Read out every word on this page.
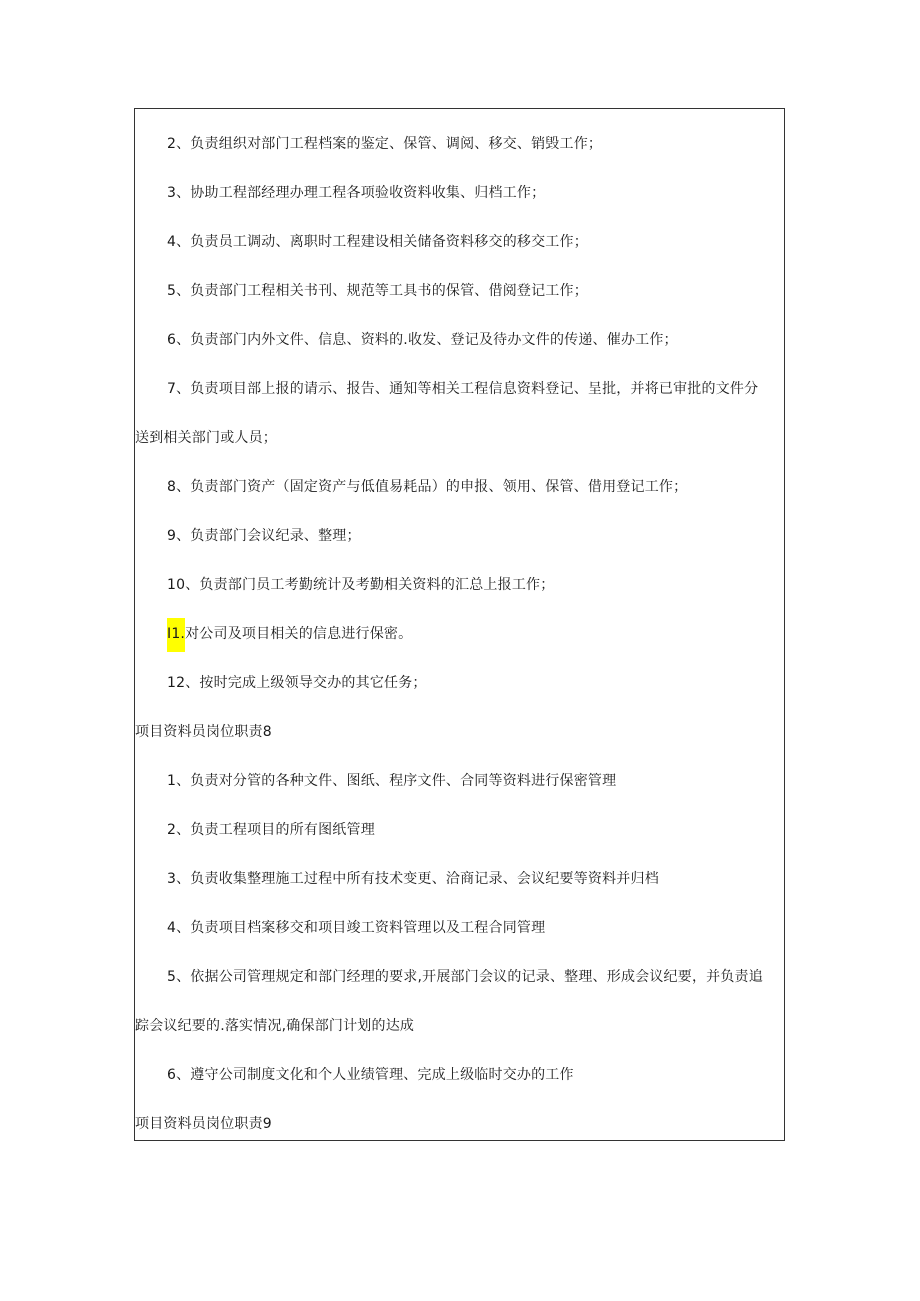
2、负责组织对部门工程档案的鉴定、保管、调阅、移交、销毁工作；
3、协助工程部经理办理工程各项验收资料收集、归档工作；
4、负责员工调动、离职时工程建设相关储备资料移交的移交工作；
5、负责部门工程相关书刊、规范等工具书的保管、借阅登记工作；
6、负责部门内外文件、信息、资料的.收发、登记及待办文件的传递、催办工作；
7、负责项目部上报的请示、报告、通知等相关工程信息资料登记、呈批，并将已审批的文件分
送到相关部门或人员；
8、负责部门资产（固定资产与低值易耗品）的申报、领用、保管、借用登记工作；
9、负责部门会议纪录、整理；
10、负责部门员工考勤统计及考勤相关资料的汇总上报工作；
I1.对公司及项目相关的信息进行保密。
12、按时完成上级领导交办的其它任务；
项目资料员岗位职责8
1、负责对分管的各种文件、图纸、程序文件、合同等资料进行保密管理
2、负责工程项目的所有图纸管理
3、负责收集整理施工过程中所有技术变更、洽商记录、会议纪要等资料并归档
4、负责项目档案移交和项目竣工资料管理以及工程合同管理
5、依据公司管理规定和部门经理的要求,开展部门会议的记录、整理、形成会议纪要，并负责追
踪会议纪要的.落实情况,确保部门计划的达成
6、遵守公司制度文化和个人业绩管理、完成上级临时交办的工作
项目资料员岗位职责9
